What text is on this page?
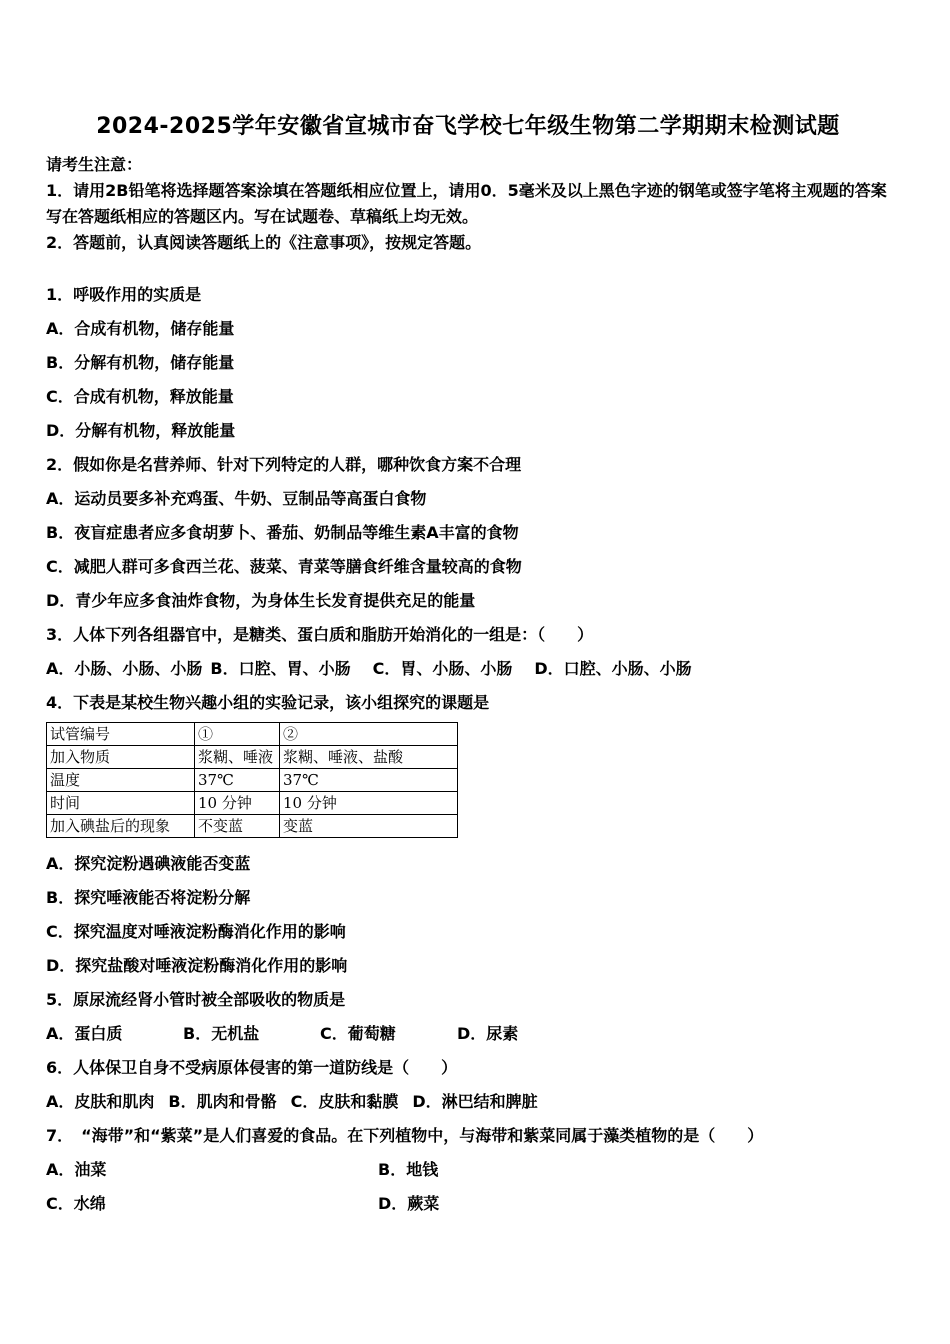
2024-2025学年安徽省宣城市奋飞学校七年级生物第二学期期末检测试题

请考生注意：

1．请用2B铅笔将选择题答案涂填在答题纸相应位置上，请用0．5毫米及以上黑色字迹的钢笔或签字笔将主观题的答案写在答题纸相应的答题区内。写在试题卷、草稿纸上均无效。

2．答题前，认真阅读答题纸上的《注意事项》，按规定答题。

1．呼吸作用的实质是

A．合成有机物，储存能量

B．分解有机物，储存能量

C．合成有机物，释放能量

D．分解有机物，释放能量

2．假如你是名营养师、针对下列特定的人群，哪种饮食方案不合理

A．运动员要多补充鸡蛋、牛奶、豆制品等高蛋白食物

B．夜盲症患者应多食胡萝卜、番茄、奶制品等维生素A丰富的食物

C．减肥人群可多食西兰花、菠菜、青菜等膳食纤维含量较高的食物

D．青少年应多食油炸食物，为身体生长发育提供充足的能量

3．人体下列各组器官中，是糖类、蛋白质和脂肪开始消化的一组是：（　　）

A．小肠、小肠、小肠 B．口腔、胃、小肠 C．胃、小肠、小肠 D．口腔、小肠、小肠

4．下表是某校生物兴趣小组的实验记录，该小组探究的课题是

试管编号	①	②
加入物质	浆糊、唾液	浆糊、唾液、盐酸
温度	37℃	37℃
时间	10 分钟	10 分钟
加入碘盐后的现象	不变蓝	变蓝

A．探究淀粉遇碘液能否变蓝

B．探究唾液能否将淀粉分解

C．探究温度对唾液淀粉酶消化作用的影响

D．探究盐酸对唾液淀粉酶消化作用的影响

5．原尿流经肾小管时被全部吸收的物质是

A．蛋白质	B．无机盐	C．葡萄糖	D．尿素

6．人体保卫自身不受病原体侵害的第一道防线是（　　）

A．皮肤和肌肉 B．肌肉和骨骼 C．皮肤和黏膜 D．淋巴结和脾脏

7．　“海带”和“紫菜”是人们喜爱的食品。在下列植物中，与海带和紫菜同属于藻类植物的是（　　）

A．油菜	B．地钱

C．水绵	D．蕨菜
